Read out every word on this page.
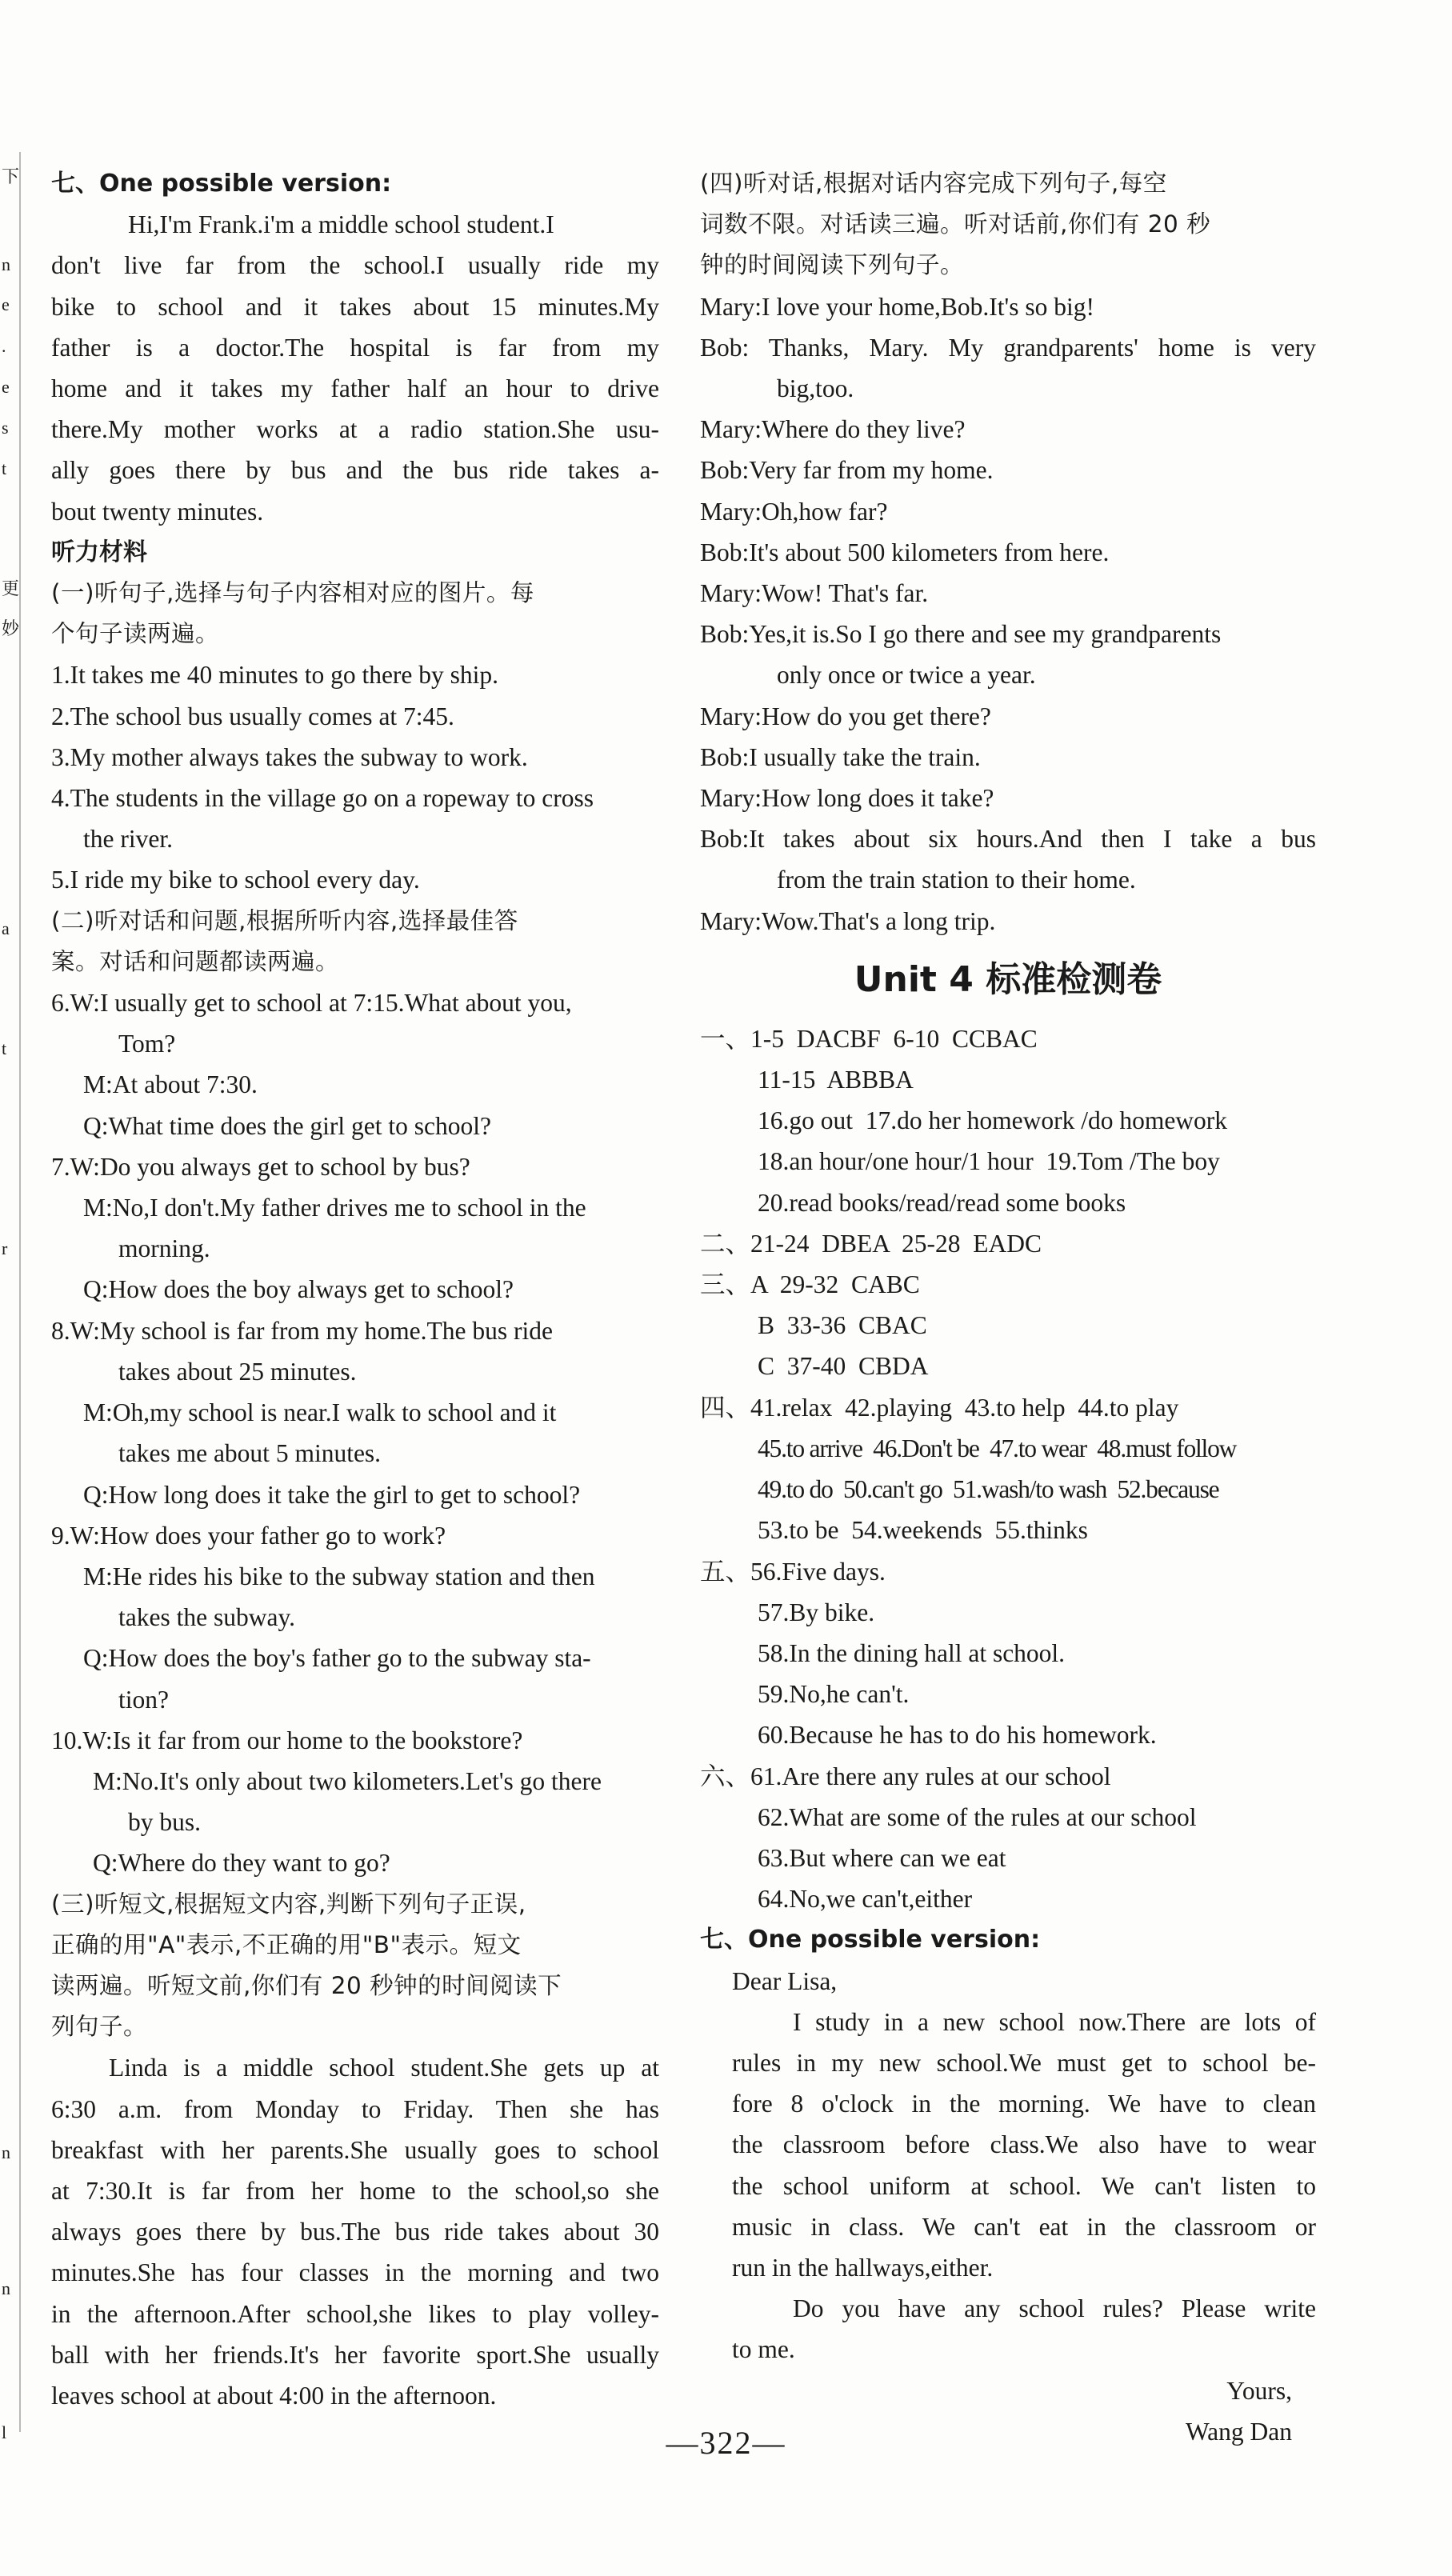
下
n
e
.
e
s
t
更
妙
a
t
r
n
n
l
七、One possible version:
Hi,I'm Frank.i'm a middle school student.I
don't live far from the school.I usually ride my
bike to school and it takes about 15 minutes.My
father is a doctor.The hospital is far from my
home and it takes my father half an hour to drive
there.My mother works at a radio station.She usu-
ally goes there by bus and the bus ride takes a-
bout twenty minutes.
听力材料
(一)听句子,选择与句子内容相对应的图片。每
个句子读两遍。
1.It takes me 40 minutes to go there by ship.
2.The school bus usually comes at 7:45.
3.My mother always takes the subway to work.
4.The students in the village go on a ropeway to cross
the river.
5.I ride my bike to school every day.
(二)听对话和问题,根据所听内容,选择最佳答
案。对话和问题都读两遍。
6.W:I usually get to school at 7:15.What about you,
Tom?
M:At about 7:30.
Q:What time does the girl get to school?
7.W:Do you always get to school by bus?
M:No,I don't.My father drives me to school in the
morning.
Q:How does the boy always get to school?
8.W:My school is far from my home.The bus ride
takes about 25 minutes.
M:Oh,my school is near.I walk to school and it
takes me about 5 minutes.
Q:How long does it take the girl to get to school?
9.W:How does your father go to work?
M:He rides his bike to the subway station and then
takes the subway.
Q:How does the boy's father go to the subway sta-
tion?
10.W:Is it far from our home to the bookstore?
M:No.It's only about two kilometers.Let's go there
by bus.
Q:Where do they want to go?
(三)听短文,根据短文内容,判断下列句子正误,
正确的用"A"表示,不正确的用"B"表示。短文
读两遍。听短文前,你们有 20 秒钟的时间阅读下
列句子。
Linda is a middle school student.She gets up at
6:30 a.m. from Monday to Friday. Then she has
breakfast with her parents.She usually goes to school
at 7:30.It is far from her home to the school,so she
always goes there by bus.The bus ride takes about 30
minutes.She has four classes in the morning and two
in the afternoon.After school,she likes to play volley-
ball with her friends.It's her favorite sport.She usually
leaves school at about 4:00 in the afternoon.
(四)听对话,根据对话内容完成下列句子,每空
词数不限。对话读三遍。听对话前,你们有 20 秒
钟的时间阅读下列句子。
Mary:I love your home,Bob.It's so big!
Bob: Thanks, Mary. My grandparents' home is very
big,too.
Mary:Where do they live?
Bob:Very far from my home.
Mary:Oh,how far?
Bob:It's about 500 kilometers from here.
Mary:Wow! That's far.
Bob:Yes,it is.So I go there and see my grandparents
only once or twice a year.
Mary:How do you get there?
Bob:I usually take the train.
Mary:How long does it take?
Bob:It takes about six hours.And then I take a bus
from the train station to their home.
Mary:Wow.That's a long trip.
Unit 4 标准检测卷
一、1-5  DACBF  6-10  CCBAC
11-15  ABBBA
16.go out  17.do her homework /do homework
18.an hour/one hour/1 hour  19.Tom /The boy
20.read books/read/read some books
二、21-24  DBEA  25-28  EADC
三、A  29-32  CABC
B  33-36  CBAC
C  37-40  CBDA
四、41.relax  42.playing  43.to help  44.to play
45.to arrive  46.Don't be  47.to wear  48.must follow
49.to do  50.can't go  51.wash/to wash  52.because
53.to be  54.weekends  55.thinks
五、56.Five days.
57.By bike.
58.In the dining hall at school.
59.No,he can't.
60.Because he has to do his homework.
六、61.Are there any rules at our school
62.What are some of the rules at our school
63.But where can we eat
64.No,we can't,either
七、One possible version:
Dear Lisa,
I study in a new school now.There are lots of
rules in my new school.We must get to school be-
fore 8 o'clock in the morning. We have to clean
the classroom before class.We also have to wear
the school uniform at school. We can't listen to
music in class. We can't eat in the classroom or
run in the hallways,either.
Do you have any school rules? Please write
to me.
Yours,
Wang Dan
—322—
